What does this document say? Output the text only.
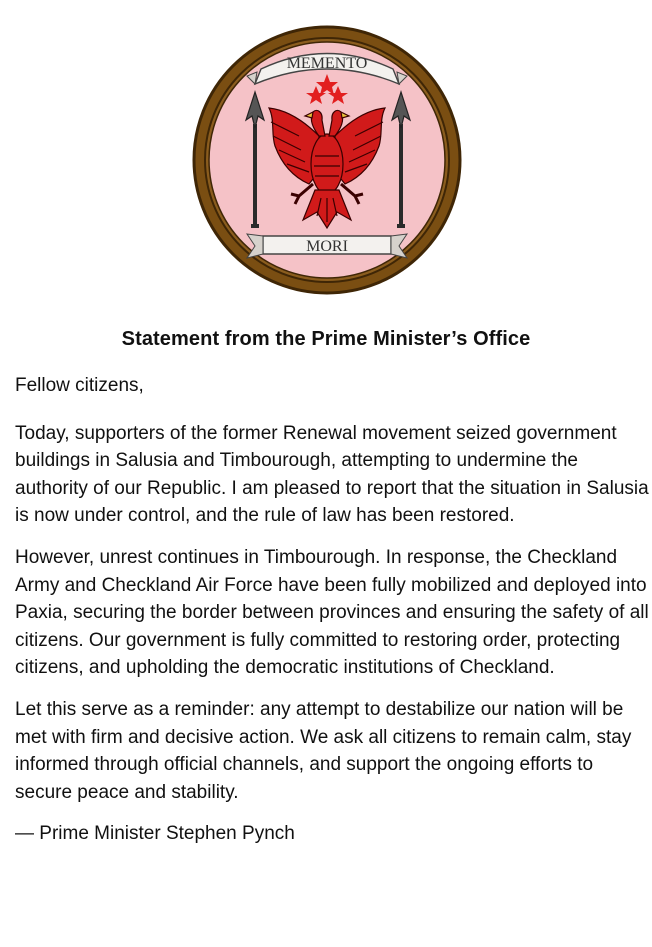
MEMENTO
MORI
Statement from the Prime Minister’s Office

Fellow citizens,

Today, supporters of the former Renewal movement seized government buildings in Salusia and Timbourough, attempting to undermine the authority of our Republic. I am pleased to report that the situation in Salusia is now under control, and the rule of law has been restored.

However, unrest continues in Timbourough. In response, the Checkland Army and Checkland Air Force have been fully mobilized and deployed into Paxia, securing the border between provinces and ensuring the safety of all citizens. Our government is fully committed to restoring order, protecting citizens, and upholding the democratic institutions of Checkland.

Let this serve as a reminder: any attempt to destabilize our nation will be met with firm and decisive action. We ask all citizens to remain calm, stay informed through official channels, and support the ongoing efforts to secure peace and stability.

— Prime Minister Stephen Pynch
